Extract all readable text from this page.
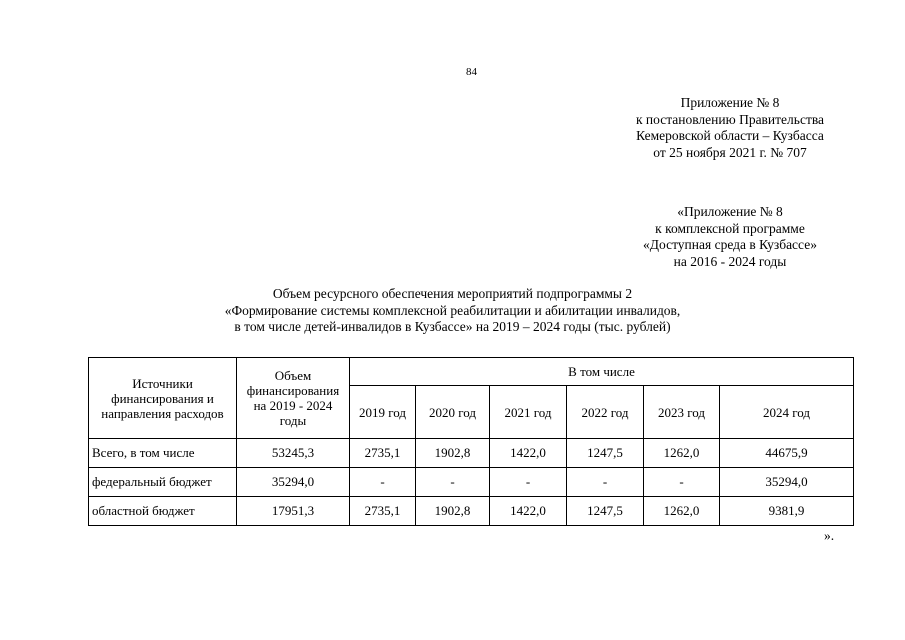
84
Приложение № 8
к постановлению Правительства
Кемеровской области – Кузбасса
от 25 ноября 2021 г. № 707
«Приложение № 8
к комплексной программе
«Доступная среда в Кузбассе»
на 2016 - 2024 годы
Объем ресурсного обеспечения мероприятий подпрограммы 2
«Формирование системы комплексной реабилитации и абилитации инвалидов,
в том числе детей-инвалидов в Кузбассе» на 2019 – 2024 годы (тыс. рублей)
Источники финансирования и направления расходов	Объем финансирования на 2019 - 2024 годы	В том числе					
		2019 год	2020 год	2021 год	2022 год	2023 год	2024 год
Всего, в том числе	53245,3	2735,1	1902,8	1422,0	1247,5	1262,0	44675,9
федеральный бюджет	35294,0	-	-	-	-	-	35294,0
областной бюджет	17951,3	2735,1	1902,8	1422,0	1247,5	1262,0	9381,9
».
